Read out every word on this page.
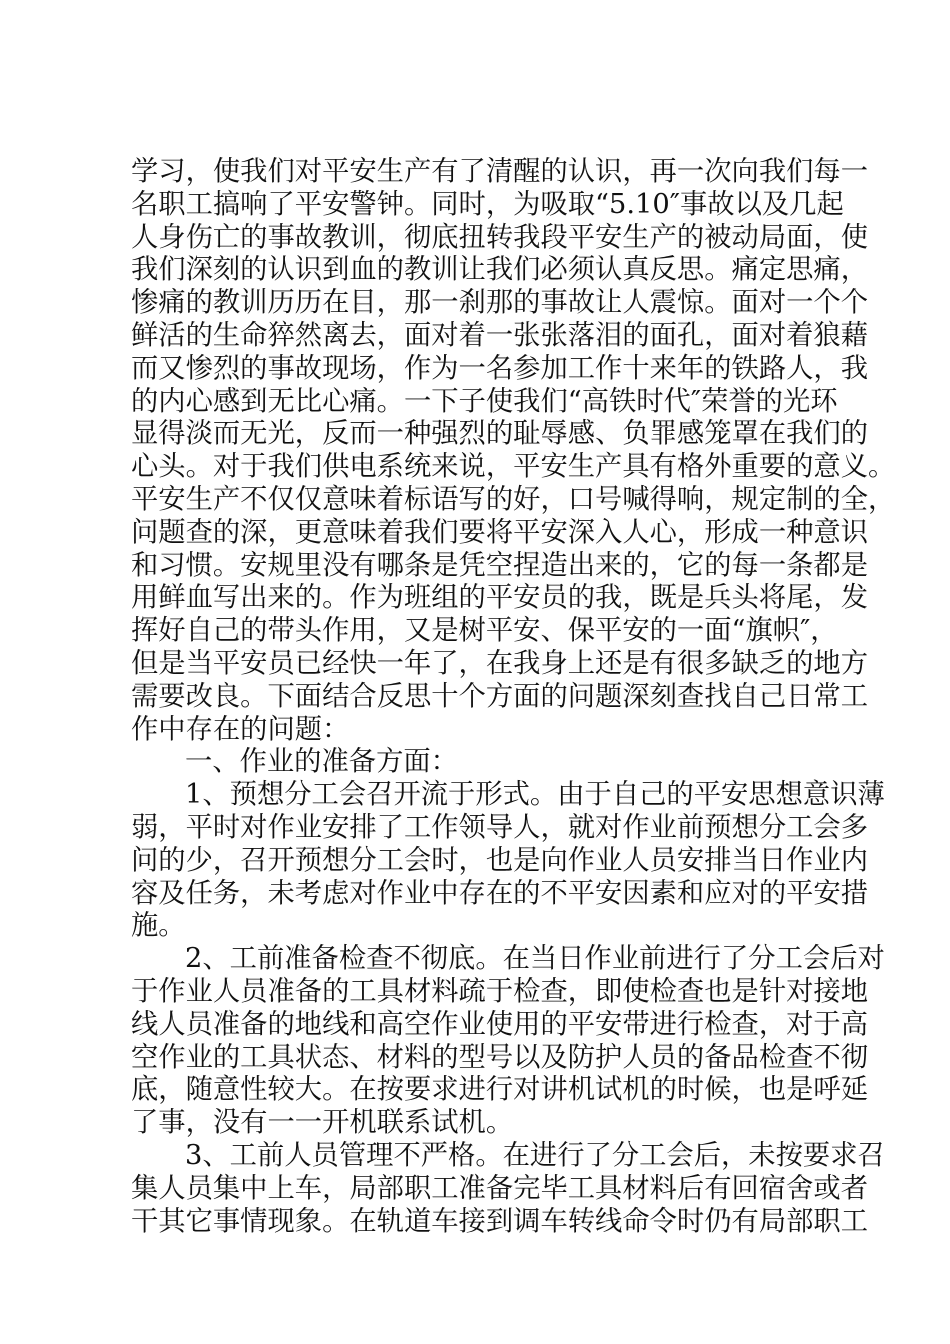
学习，使我们对平安生产有了清醒的认识，再一次向我们每一
名职工搞响了平安警钟。同时，为吸取“5.10″事故以及几起
人身伤亡的事故教训，彻底扭转我段平安生产的被动局面，使
我们深刻的认识到血的教训让我们必须认真反思。痛定思痛，
惨痛的教训历历在目，那一刹那的事故让人震惊。面对一个个
鲜活的生命猝然离去，面对着一张张落泪的面孔，面对着狼藉
而又惨烈的事故现场，作为一名参加工作十来年的铁路人，我
的内心感到无比心痛。一下子使我们“高铁时代″荣誉的光环
显得淡而无光，反而一种强烈的耻辱感、负罪感笼罩在我们的
心头。对于我们供电系统来说，平安生产具有格外重要的意义。
平安生产不仅仅意味着标语写的好，口号喊得响，规定制的全，
问题查的深，更意味着我们要将平安深入人心，形成一种意识
和习惯。安规里没有哪条是凭空捏造出来的，它的每一条都是
用鲜血写出来的。作为班组的平安员的我，既是兵头将尾，发
挥好自己的带头作用，又是树平安、保平安的一面“旗帜″，
但是当平安员已经快一年了，在我身上还是有很多缺乏的地方
需要改良。下面结合反思十个方面的问题深刻查找自己日常工
作中存在的问题：
一、作业的准备方面：
1、预想分工会召开流于形式。由于自己的平安思想意识薄
弱，平时对作业安排了工作领导人，就对作业前预想分工会多
问的少，召开预想分工会时，也是向作业人员安排当日作业内
容及任务，未考虑对作业中存在的不平安因素和应对的平安措
施。
2、工前准备检查不彻底。在当日作业前进行了分工会后对
于作业人员准备的工具材料疏于检查，即使检查也是针对接地
线人员准备的地线和高空作业使用的平安带进行检查，对于高
空作业的工具状态、材料的型号以及防护人员的备品检查不彻
底，随意性较大。在按要求进行对讲机试机的时候，也是呼延
了事，没有一一开机联系试机。
3、工前人员管理不严格。在进行了分工会后，未按要求召
集人员集中上车，局部职工准备完毕工具材料后有回宿舍或者
干其它事情现象。在轨道车接到调车转线命令时仍有局部职工
